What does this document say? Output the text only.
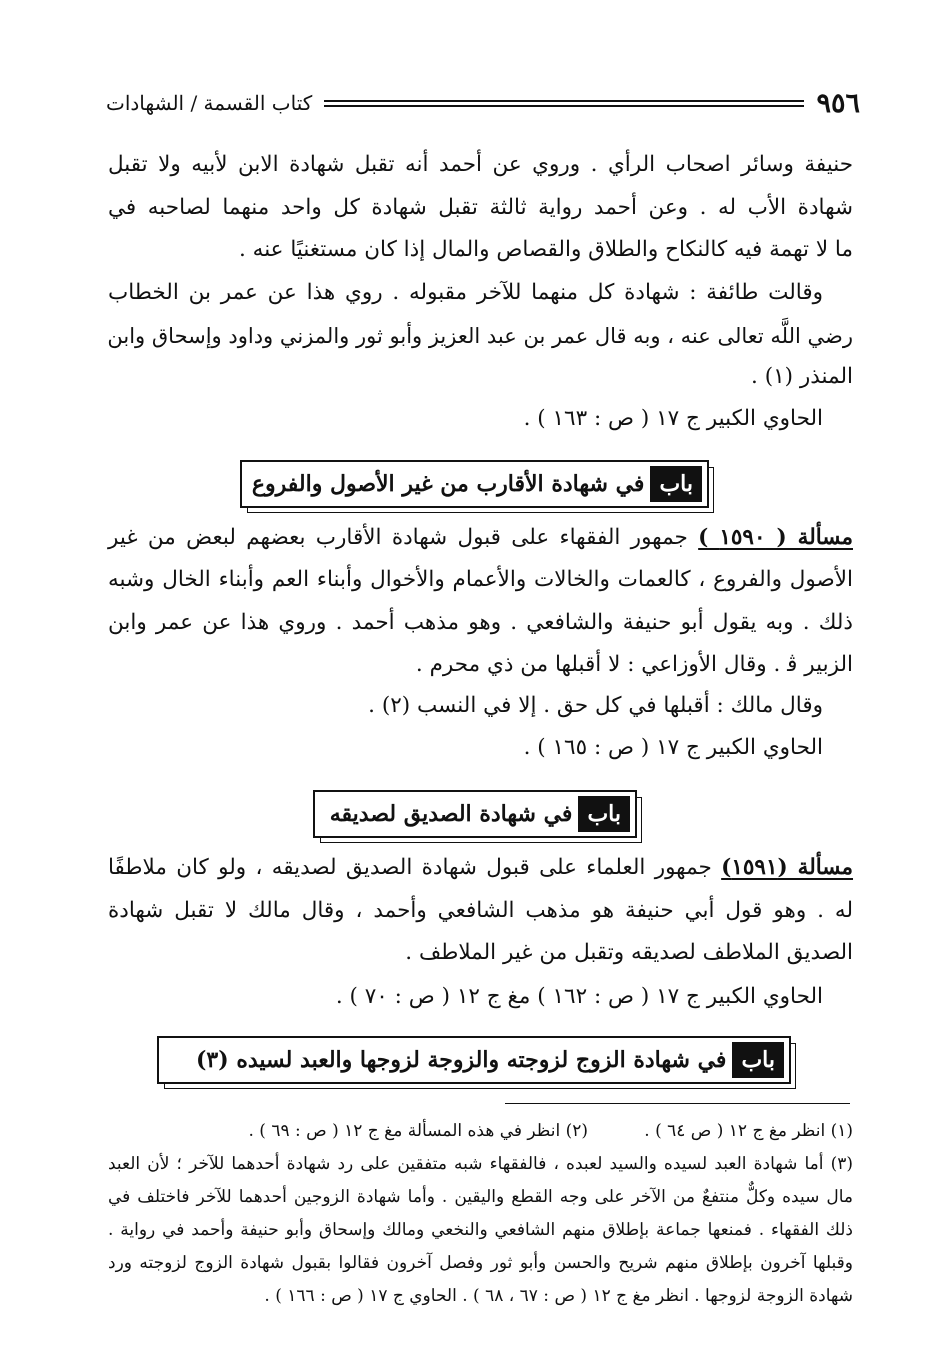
٩٥٦
كتاب القسمة / الشهادات
حنيفة وسائر اصحاب الرأي . وروي عن أحمد أنه تقبل شهادة الابن لأبيه ولا تقبل
شهادة الأب له . وعن أحمد رواية ثالثة تقبل شهادة كل واحد منهما لصاحبه في
ما لا تهمة فيه كالنكاح والطلاق والقصاص والمال إذا كان مستغنيًا عنه .
وقالت طائفة : شهادة كل منهما للآخر مقبوله . روي هذا عن عمر بن الخطاب
رضي اللَّه تعالى عنه ، وبه قال عمر بن عبد العزيز وأبو ثور والمزني وداود وإسحاق وابن
المنذر (١) .
الحاوي الكبير ج ١٧ ( ص : ١٦٣ ) .
باب
في شهادة الأقارب من غير الأصول والفروع
مسألة ( ١٥٩٠ ) جمهور الفقهاء على قبول شهادة الأقارب بعضهم لبعض من غير
الأصول والفروع ، كالعمات والخالات والأعمام والأخوال وأبناء العم وأبناء الخال وشبه
ذلك . وبه يقول أبو حنيفة والشافعي . وهو مذهب أحمد . وروي هذا عن عمر وابن
الزبير ﭬ . وقال الأوزاعي : لا أقبلها من ذي محرم .
وقال مالك : أقبلها في كل حق . إلا في النسب (٢) .
الحاوي الكبير ج ١٧ ( ص : ١٦٥ ) .
باب
في شهادة الصديق لصديقه
مسألة (١٥٩١) جمهور العلماء على قبول شهادة الصديق لصديقه ، ولو كان ملاطفًا
له . وهو قول أبي حنيفة هو مذهب الشافعي وأحمد ، وقال مالك لا تقبل شهادة
الصديق الملاطف لصديقه وتقبل من غير الملاطف .
الحاوي الكبير ج ١٧ ( ص : ١٦٢ ) مغ ج ١٢ ( ص : ٧٠ ) .
باب
في شهادة الزوج لزوجته والزوجة لزوجها والعبد لسيده (٣)
(١) انظر مغ ج ١٢ ( ص ٦٤ ) .
(٢) انظر في هذه المسألة مغ ج ١٢ ( ص : ٦٩ ) .
(٣) أما شهادة العبد لسيده والسيد لعبده ، فالفقهاء شبه متفقين على رد شهادة أحدهما للآخر ؛ لأن العبد
مال سيده وكلٌّ منتفعٌ من الآخر على وجه القطع واليقين . وأما شهادة الزوجين أحدهما للآخر فاختلف في
ذلك الفقهاء . فمنعها جماعة بإطلاق منهم الشافعي والنخعي ومالك وإسحاق وأبو حنيفة وأحمد في رواية .
وقبلها آخرون بإطلاق منهم شريح والحسن وأبو ثور وفصل آخرون فقالوا بقبول شهادة الزوج لزوجته ورد
شهادة الزوجة لزوجها . انظر مغ ج ١٢ ( ص : ٦٧ ، ٦٨ ) . الحاوي ج ١٧ ( ص : ١٦٦ ) .
